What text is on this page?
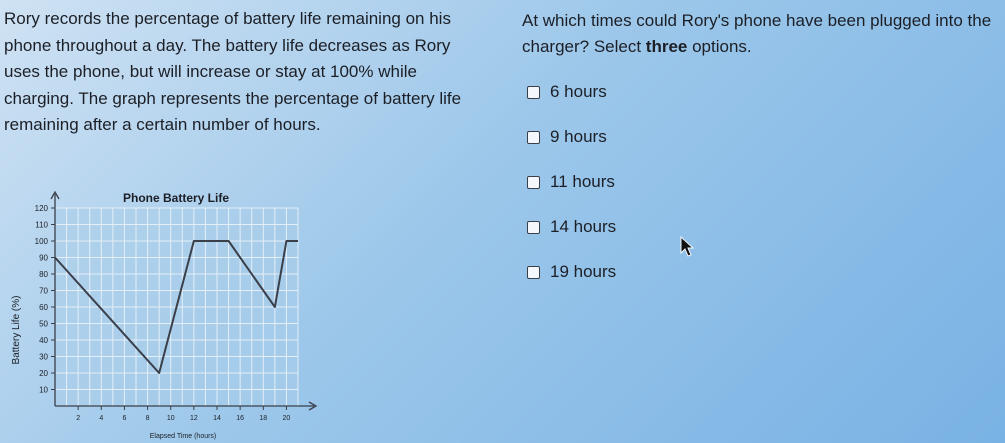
Rory records the percentage of battery life remaining on his phone throughout a day. The battery life decreases as Rory uses the phone, but will increase or stay at 100% while charging. The graph represents the percentage of battery life remaining after a certain number of hours.

At which times could Rory's phone have been plugged into the charger? Select three options.

6 hours
9 hours
11 hours
14 hours
19 hours
Phone Battery Life
Battery Life (%)
Elapsed Time (hours)
10
20
30
40
50
60
70
80
90
100
110
120
2	4	6	8 10 12 14 16 18 20
